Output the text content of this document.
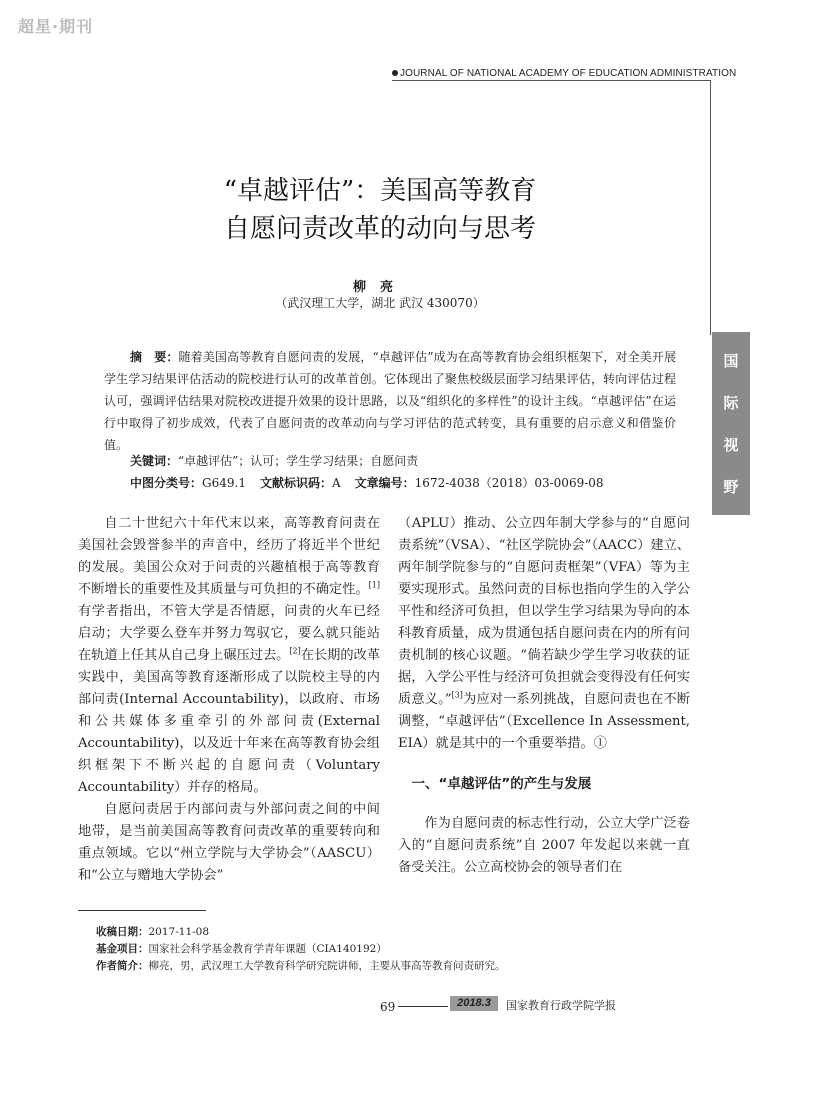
超星·期刊
JOURNAL OF NATIONAL ACADEMY OF EDUCATION ADMINISTRATION
国
际
视
野
“卓越评估”：美国高等教育
自愿问责改革的动向与思考
柳亮
（武汉理工大学，湖北 武汉 430070）
摘　要：随着美国高等教育自愿问责的发展，“卓越评估”成为在高等教育协会组织框架下，对全美开展学生学习结果评估活动的院校进行认可的改革首创。它体现出了聚焦校级层面学习结果评估，转向评估过程认可，强调评估结果对院校改进提升效果的设计思路，以及“组织化的多样性”的设计主线。“卓越评估”在运行中取得了初步成效，代表了自愿问责的改革动向与学习评估的范式转变，具有重要的启示意义和借鉴价值。
关键词：“卓越评估”；认可；学生学习结果；自愿问责
中图分类号：G649.1 文献标识码：A 文章编号：1672-4038（2018）03-0069-08

自二十世纪六十年代末以来，高等教育问责在美国社会毁誉参半的声音中，经历了将近半个世纪的发展。美国公众对于问责的兴趣植根于高等教育不断增长的重要性及其质量与可负担的不确定性。[1]有学者指出，不管大学是否情愿，问责的火车已经启动；大学要么登车并努力驾驭它，要么就只能站在轨道上任其从自己身上碾压过去。[2]在长期的改革实践中，美国高等教育逐渐形成了以院校主导的内部问责(Internal Accountability)，以政府、市场和公共媒体多重牵引的外部问责(External Accountability)，以及近十年来在高等教育协会组织框架下不断兴起的自愿问责（Voluntary Accountability）并存的格局。

自愿问责居于内部问责与外部问责之间的中间地带，是当前美国高等教育问责改革的重要转向和重点领域。它以“州立学院与大学协会”（AASCU）和“公立与赠地大学协会”

（APLU）推动、公立四年制大学参与的“自愿问责系统”（VSA）、“社区学院协会”（AACC）建立、两年制学院参与的“自愿问责框架”（VFA）等为主要实现形式。虽然问责的目标也指向学生的入学公平性和经济可负担，但以学生学习结果为导向的本科教育质量，成为贯通包括自愿问责在内的所有问责机制的核心议题。“倘若缺少学生学习收获的证据，入学公平性与经济可负担就会变得没有任何实质意义。”[3]为应对一系列挑战，自愿问责也在不断调整，“卓越评估”（Excellence In Assessment, EIA）就是其中的一个重要举措。①

一、“卓越评估”的产生与发展

作为自愿问责的标志性行动，公立大学广泛卷入的“自愿问责系统”自 2007 年发起以来就一直备受关注。公立高校协会的领导者们在

收稿日期：2017-11-08
基金项目：国家社会科学基金教育学青年课题（CIA140192）
作者简介：柳亮，男，武汉理工大学教育科学研究院讲师，主要从事高等教育问责研究。
69	2018.3	国家教育行政学院学报
